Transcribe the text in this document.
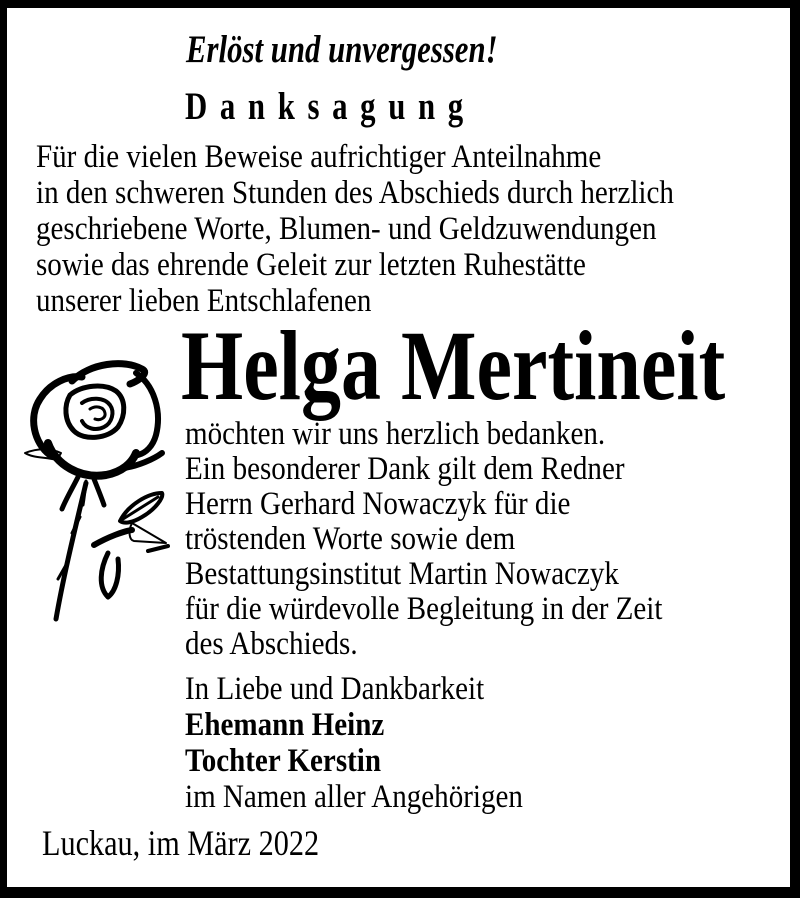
Erlöst und unvergessen!
Danksagung
Für die vielen Beweise aufrichtiger Anteilnahme
in den schweren Stunden des Abschieds durch herzlich
geschriebene Worte, Blumen- und Geldzuwendungen
sowie das ehrende Geleit zur letzten Ruhestätte
unserer lieben Entschlafenen
Helga Mertineit
möchten wir uns herzlich bedanken.
Ein besonderer Dank gilt dem Redner
Herrn Gerhard Nowaczyk für die
tröstenden Worte sowie dem
Bestattungsinstitut Martin Nowaczyk
für die würdevolle Begleitung in der Zeit
des Abschieds.
In Liebe und Dankbarkeit
Ehemann Heinz
Tochter Kerstin
im Namen aller Angehörigen
Luckau, im März 2022
